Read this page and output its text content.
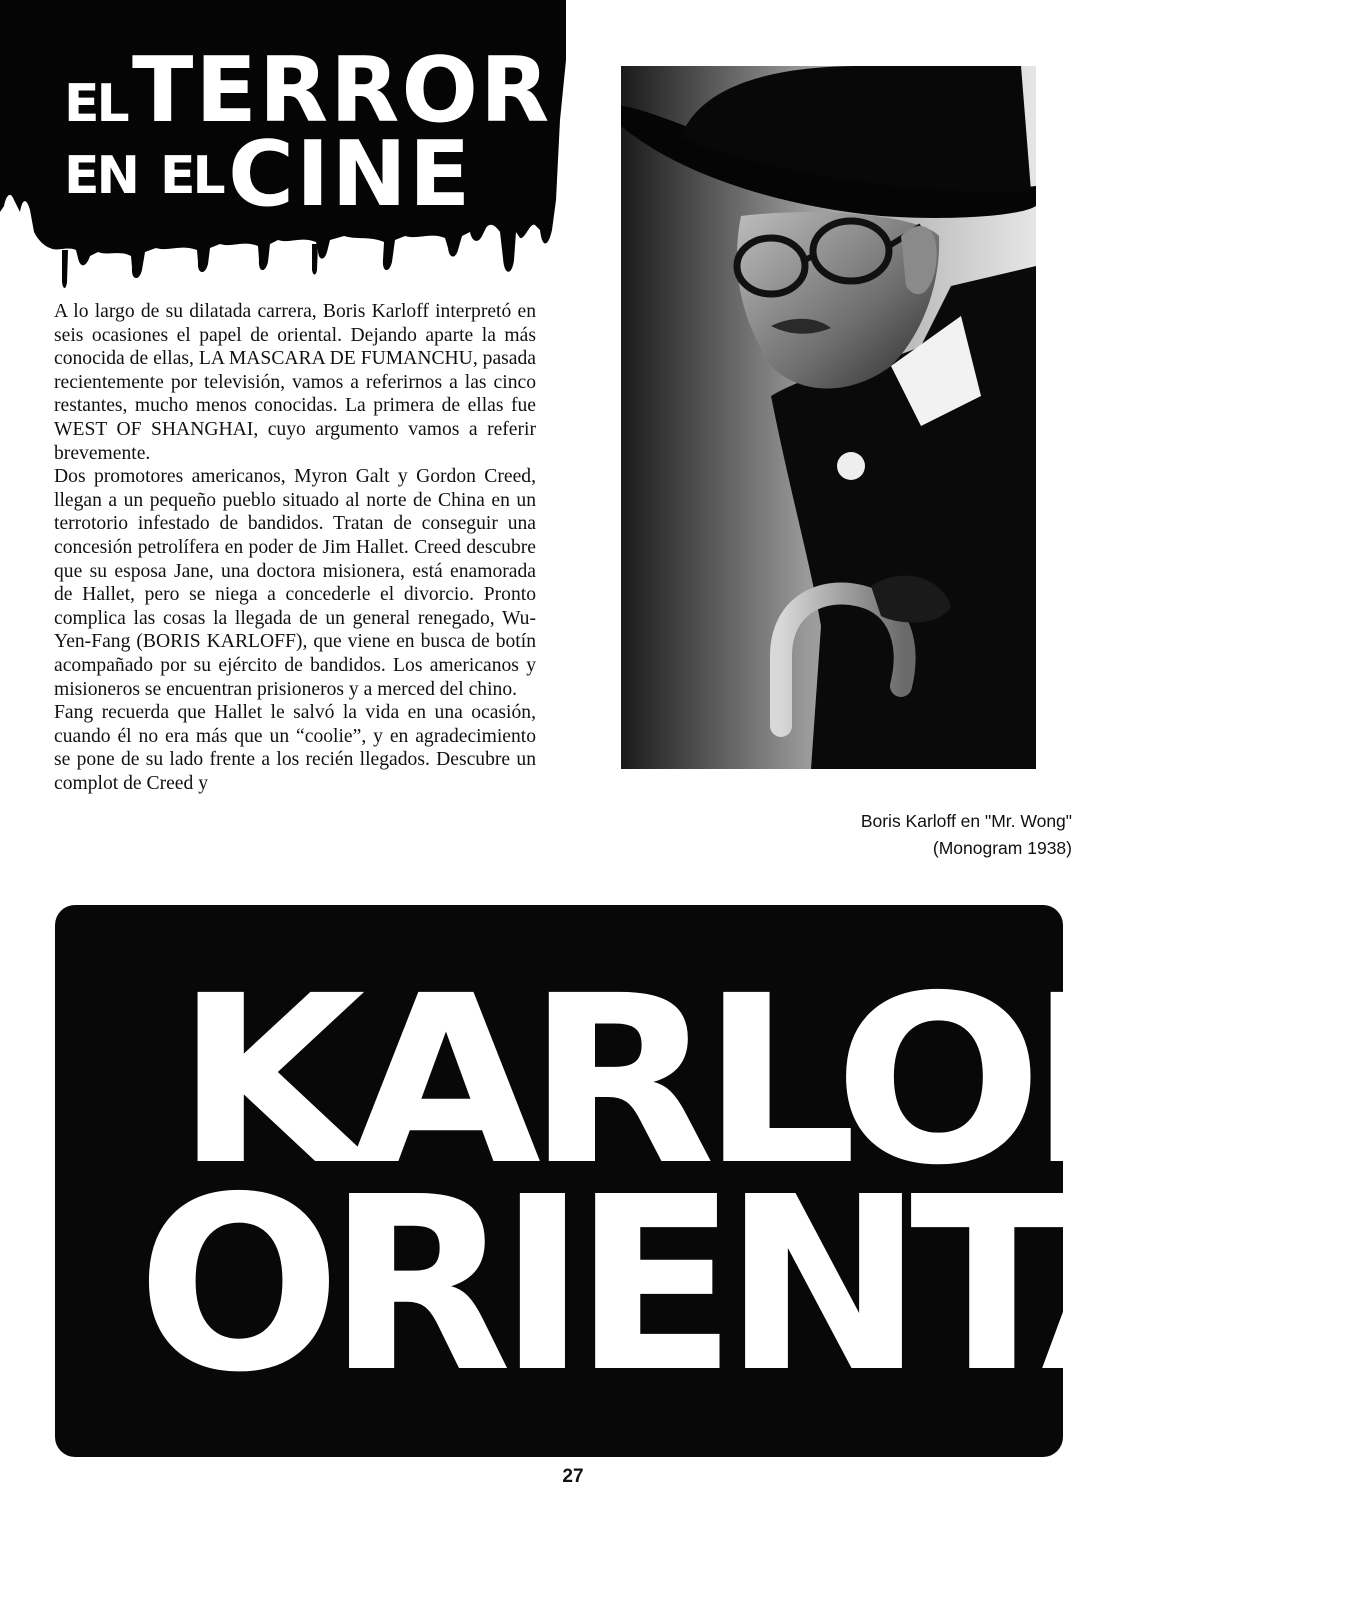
EL TERROR
EN EL CINE

A lo largo de su dilatada carrera, Boris Karloff interpretó en seis ocasiones el papel de oriental. Dejando aparte la más conocida de ellas, LA MASCARA DE FUMANCHU, pasada recientemente por televisión, vamos a referirnos a las cinco restantes, mucho menos conocidas. La primera de ellas fue WEST OF SHANGHAI, cuyo argumento vamos a referir brevemente.

Dos promotores americanos, Myron Galt y Gordon Creed, llegan a un pequeño pueblo situado al norte de China en un terrotorio infestado de bandidos. Tratan de conseguir una concesión petrolífera en poder de Jim Hallet. Creed descubre que su esposa Jane, una doctora misionera, está enamorada de Hallet, pero se niega a concederle el divorcio. Pronto complica las cosas la llegada de un general renegado, Wu-Yen-Fang (BORIS KARLOFF), que viene en busca de botín acompañado por su ejército de bandidos. Los americanos y misioneros se encuentran prisioneros y a merced del chino.

Fang recuerda que Hallet le salvó la vida en una ocasión, cuando él no era más que un “coolie”, y en agradecimiento se pone de su lado frente a los recién llegados. Descubre un complot de Creed y

Boris Karloff en "Mr. Wong"
(Monogram 1938)
KARLOFF
ORIENTAL
27
